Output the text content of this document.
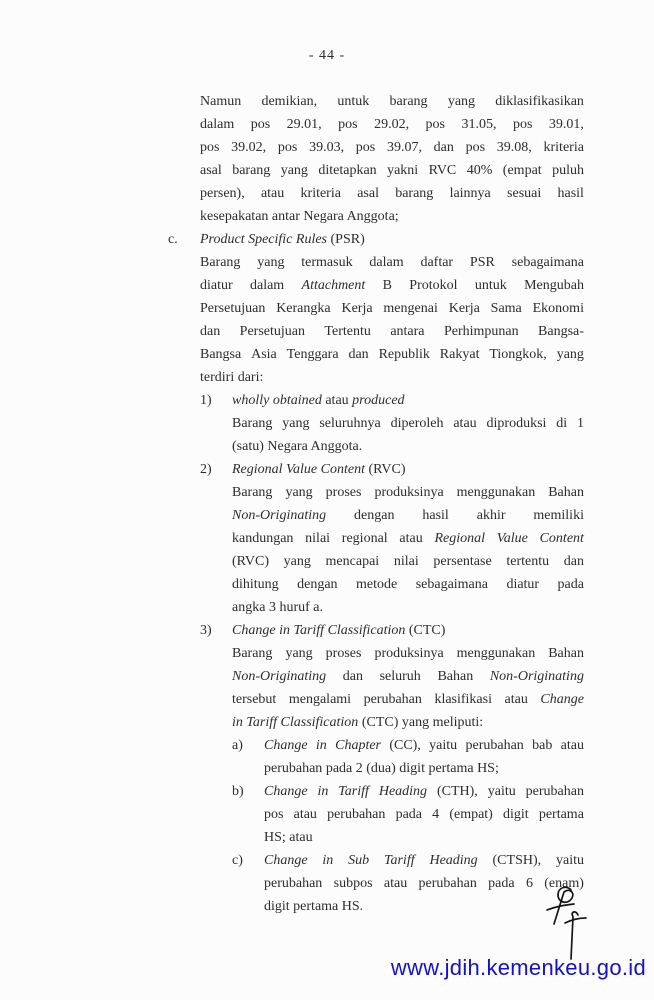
- 44 -
Namun demikian, untuk barang yang diklasifikasikan
dalam pos 29.01, pos 29.02, pos 31.05, pos 39.01,
pos 39.02, pos 39.03, pos 39.07, dan pos 39.08, kriteria
asal barang yang ditetapkan yakni RVC 40% (empat puluh
persen), atau kriteria asal barang lainnya sesuai hasil
kesepakatan antar Negara Anggota;
c. Product Specific Rules (PSR)
Barang yang termasuk dalam daftar PSR sebagaimana
diatur dalam Attachment B Protokol untuk Mengubah
Persetujuan Kerangka Kerja mengenai Kerja Sama Ekonomi
dan Persetujuan Tertentu antara Perhimpunan Bangsa-
Bangsa Asia Tenggara dan Republik Rakyat Tiongkok, yang
terdiri dari:
1) wholly obtained atau produced
Barang yang seluruhnya diperoleh atau diproduksi di 1
(satu) Negara Anggota.
2) Regional Value Content (RVC)
Barang yang proses produksinya menggunakan Bahan
Non-Originating dengan hasil akhir memiliki
kandungan nilai regional atau Regional Value Content
(RVC) yang mencapai nilai persentase tertentu dan
dihitung dengan metode sebagaimana diatur pada
angka 3 huruf a.
3) Change in Tariff Classification (CTC)
Barang yang proses produksinya menggunakan Bahan
Non-Originating dan seluruh Bahan Non-Originating
tersebut mengalami perubahan klasifikasi atau Change
in Tariff Classification (CTC) yang meliputi:
a) Change in Chapter (CC), yaitu perubahan bab atau
perubahan pada 2 (dua) digit pertama HS;
b) Change in Tariff Heading (CTH), yaitu perubahan
pos atau perubahan pada 4 (empat) digit pertama
HS; atau
c) Change in Sub Tariff Heading (CTSH), yaitu
perubahan subpos atau perubahan pada 6 (enam)
digit pertama HS.
www.jdih.kemenkeu.go.id
